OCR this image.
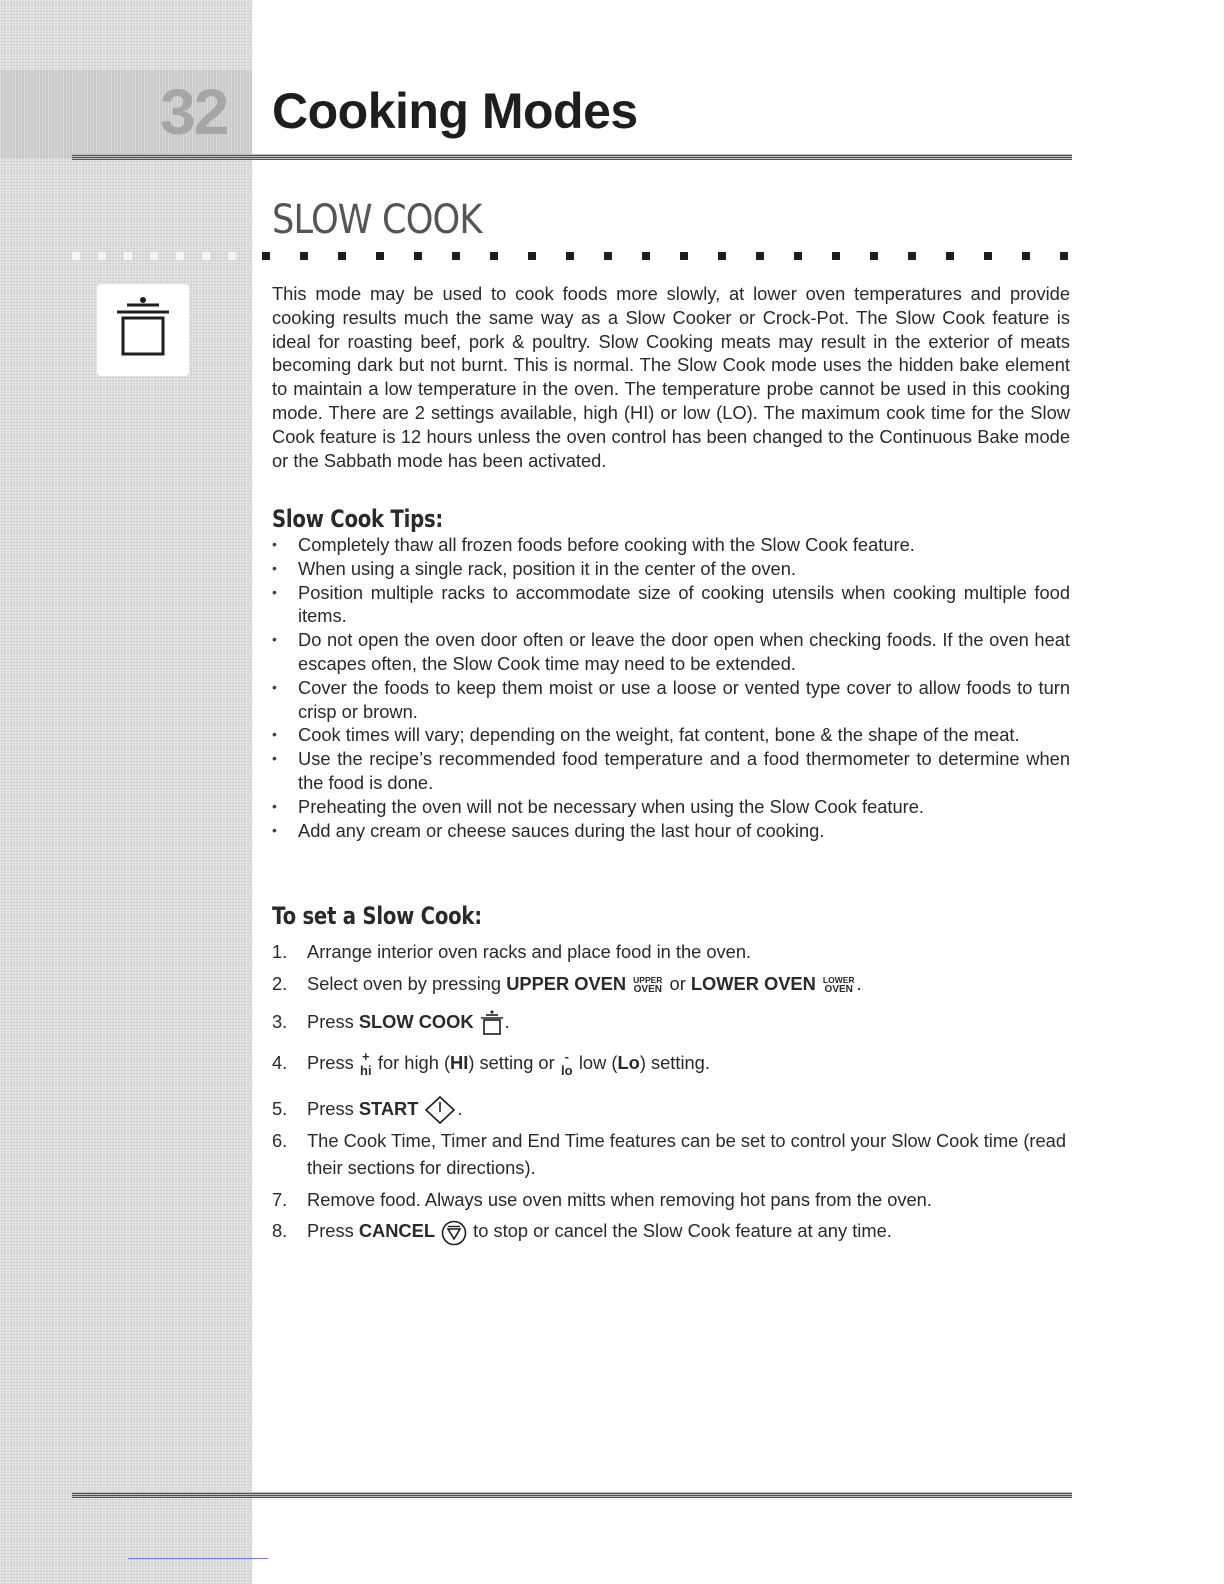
32 Cooking Modes
SLOW COOK

This mode may be used to cook foods more slowly, at lower oven temperatures and provide cooking results much the same way as a Slow Cooker or Crock-Pot. The Slow Cook feature is ideal for roasting beef, pork & poultry. Slow Cooking meats may result in the exterior of meats becoming dark but not burnt. This is normal. The Slow Cook mode uses the hidden bake element to maintain a low temperature in the oven. The temperature probe cannot be used in this cooking mode. There are 2 settings available, high (HI) or low (LO). The maximum cook time for the Slow Cook feature is 12 hours unless the oven control has been changed to the Continuous Bake mode or the Sabbath mode has been activated.

Slow Cook Tips:
• Completely thaw all frozen foods before cooking with the Slow Cook feature.
• When using a single rack, position it in the center of the oven.
• Position multiple racks to accommodate size of cooking utensils when cooking multiple food items.
• Do not open the oven door often or leave the door open when checking foods. If the oven heat escapes often, the Slow Cook time may need to be extended.
• Cover the foods to keep them moist or use a loose or vented type cover to allow foods to turn crisp or brown.
• Cook times will vary; depending on the weight, fat content, bone & the shape of the meat.
• Use the recipe’s recommended food temperature and a food thermometer to determine when the food is done.
• Preheating the oven will not be necessary when using the Slow Cook feature.
• Add any cream or cheese sauces during the last hour of cooking.
To set a Slow Cook:
1. Arrange interior oven racks and place food in the oven.
2. Select oven by pressing UPPER OVEN UPPER
OVEN or LOWER OVEN LOWER
OVEN .
3. Press SLOW COOK .
4. Press +
hi for high (HI) setting or -
lo low (Lo) setting.
5. Press START .
6. The Cook Time, Timer and End Time features can be set to control your Slow Cook time (read their sections for directions).
7. Remove food. Always use oven mitts when removing hot pans from the oven.
8. Press CANCEL  to stop or cancel the Slow Cook feature at any time.
